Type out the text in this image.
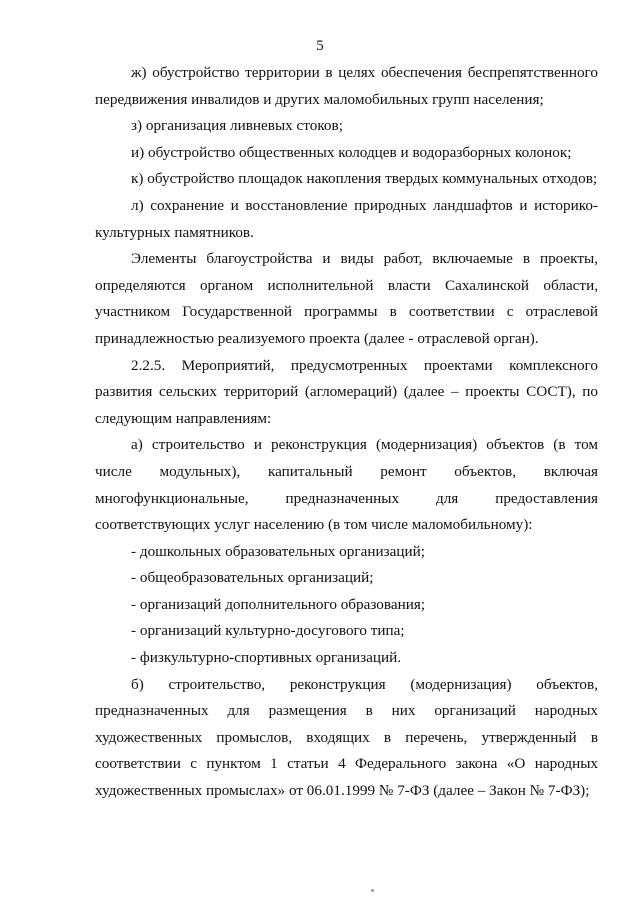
5

ж) обустройство территории в целях обеспечения беспрепятственного передвижения инвалидов и других маломобильных групп населения;

з) организация ливневых стоков;

и) обустройство общественных колодцев и водоразборных колонок;

к) обустройство площадок накопления твердых коммунальных отходов;

л) сохранение и восстановление природных ландшафтов и историко-культурных памятников.

Элементы благоустройства и виды работ, включаемые в проекты, определяются органом исполнительной власти Сахалинской области, участником Государственной программы в соответствии с отраслевой принадлежностью реализуемого проекта (далее - отраслевой орган).

2.2.5. Мероприятий, предусмотренных проектами комплексного развития сельских территорий (агломераций) (далее – проекты СОСТ), по следующим направлениям:

а) строительство и реконструкция (модернизация) объектов (в том числе модульных), капитальный ремонт объектов, включая многофункциональные, предназначенных для предоставления соответствующих услуг населению (в том числе маломобильному):

- дошкольных образовательных организаций;

- общеобразовательных организаций;

- организаций дополнительного образования;

- организаций культурно-досугового типа;

- физкультурно-спортивных организаций.

б) строительство, реконструкция (модернизация) объектов, предназначенных для размещения в них организаций народных художественных промыслов, входящих в перечень, утвержденный в соответствии с пунктом 1 статьи 4 Федерального закона «О народных художественных промыслах» от 06.01.1999 № 7-ФЗ (далее – Закон № 7-ФЗ);
